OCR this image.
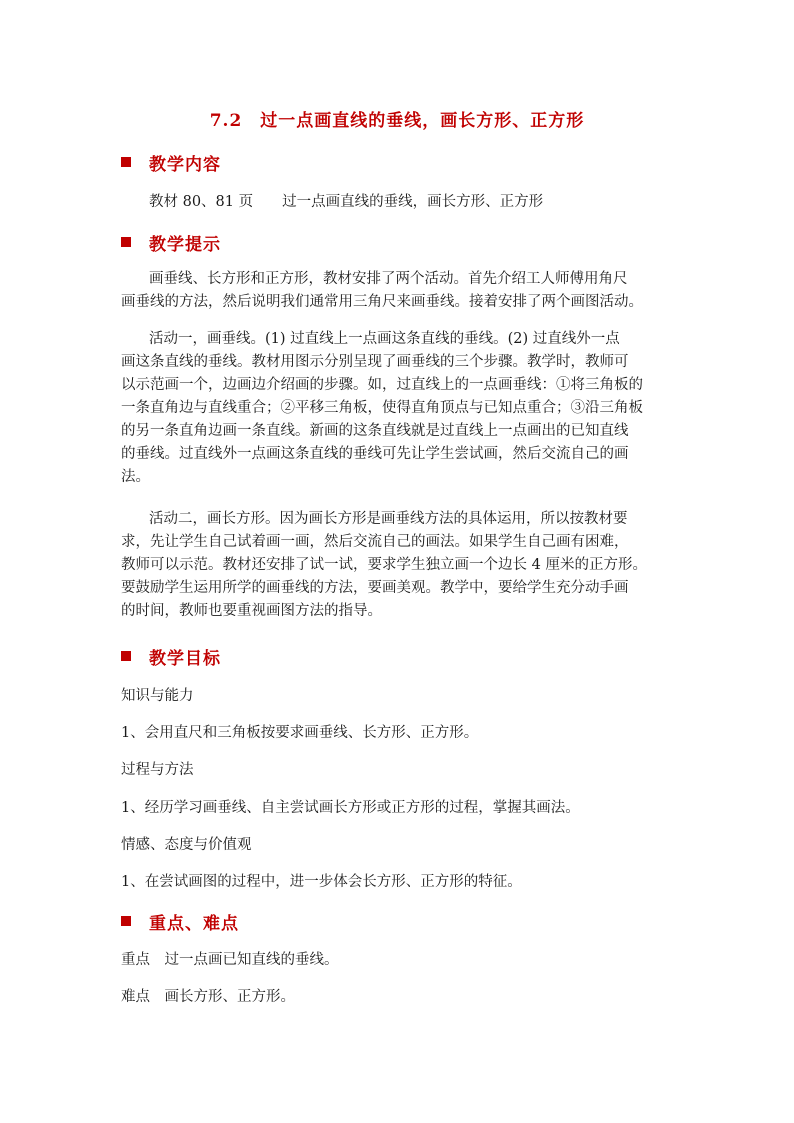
7.2　过一点画直线的垂线，画长方形、正方形
教学内容
教材 80、81 页　　过一点画直线的垂线，画长方形、正方形
教学提示
画垂线、长方形和正方形，教材安排了两个活动。首先介绍工人师傅用角尺
画垂线的方法，然后说明我们通常用三角尺来画垂线。接着安排了两个画图活动。
活动一，画垂线。(1) 过直线上一点画这条直线的垂线。(2) 过直线外一点
画这条直线的垂线。教材用图示分别呈现了画垂线的三个步骤。教学时，教师可
以示范画一个，边画边介绍画的步骤。如，过直线上的一点画垂线：①将三角板的
一条直角边与直线重合；②平移三角板，使得直角顶点与已知点重合；③沿三角板
的另一条直角边画一条直线。新画的这条直线就是过直线上一点画出的已知直线
的垂线。过直线外一点画这条直线的垂线可先让学生尝试画，然后交流自己的画
法。
活动二，画长方形。因为画长方形是画垂线方法的具体运用，所以按教材要
求，先让学生自己试着画一画，然后交流自己的画法。如果学生自己画有困难，
教师可以示范。教材还安排了试一试，要求学生独立画一个边长 4 厘米的正方形。
要鼓励学生运用所学的画垂线的方法，要画美观。教学中，要给学生充分动手画
的时间，教师也要重视画图方法的指导。
教学目标
知识与能力
1、会用直尺和三角板按要求画垂线、长方形、正方形。
过程与方法
1、经历学习画垂线、自主尝试画长方形或正方形的过程，掌握其画法。
情感、态度与价值观
1、在尝试画图的过程中，进一步体会长方形、正方形的特征。
重点、难点
重点　过一点画已知直线的垂线。
难点　画长方形、正方形。
